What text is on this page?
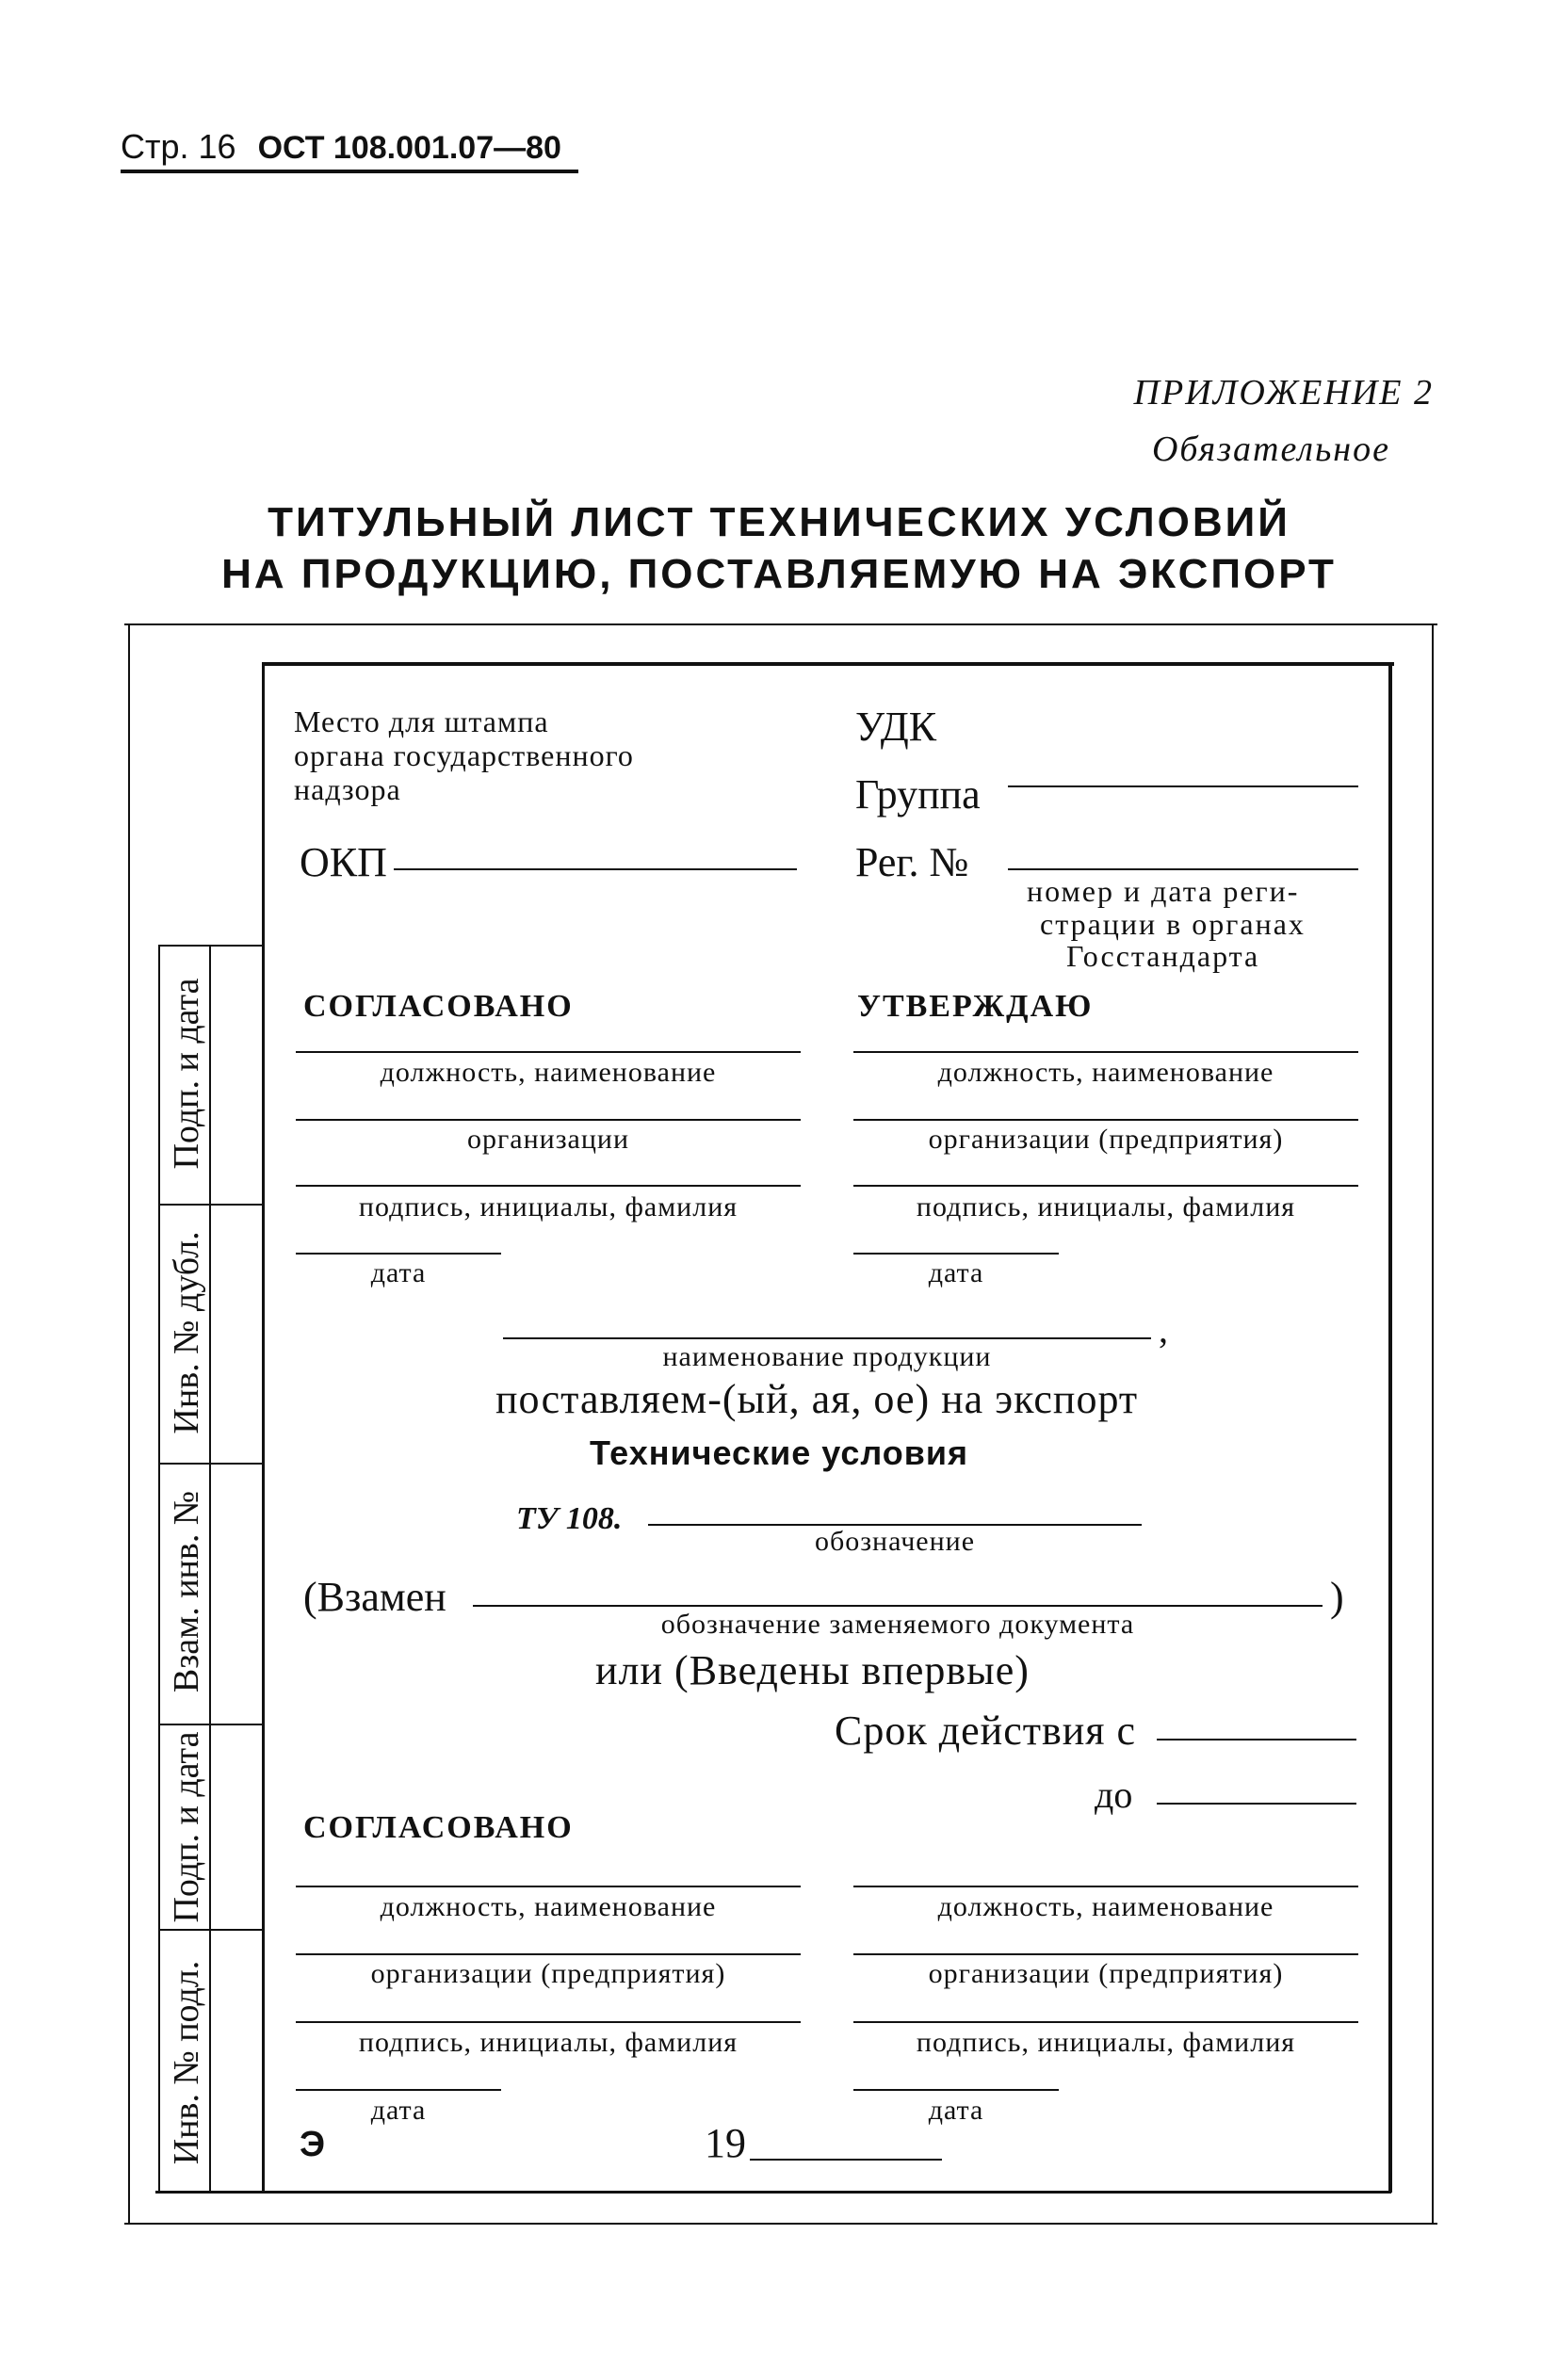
Стр. 16 ОСТ 108.001.07—80
ПРИЛОЖЕНИЕ 2
Обязательное
ТИТУЛЬНЫЙ ЛИСТ ТЕХНИЧЕСКИХ УСЛОВИЙ
НА ПРОДУКЦИЮ, ПОСТАВЛЯЕМУЮ НА ЭКСПОРТ
Подп. и дата
Инв. № дубл.
Взам. инв. №
Подп. и дата
Инв. № подл.
Место для штампа
органа государственного
надзора
ОКП
УДК
Группа
Рег. №
номер и дата реги-
страции в органах
Госстандарта
СОГЛАСОВАНО
должность, наименование
организации
подпись, инициалы, фамилия
дата
УТВЕРЖДАЮ
должность, наименование
организации (предприятия)
подпись, инициалы, фамилия
дата
,
наименование продукции
поставляем-(ый, ая, ое) на экспорт
Технические условия
ТУ 108.
обозначение
(Взамен	)
обозначение заменяемого документа
или (Введены впервые)
Срок действия с
до
СОГЛАСОВАНО
должность, наименование
организации (предприятия)
подпись, инициалы, фамилия
дата
должность, наименование
организации (предприятия)
подпись, инициалы, фамилия
дата
Э	19
